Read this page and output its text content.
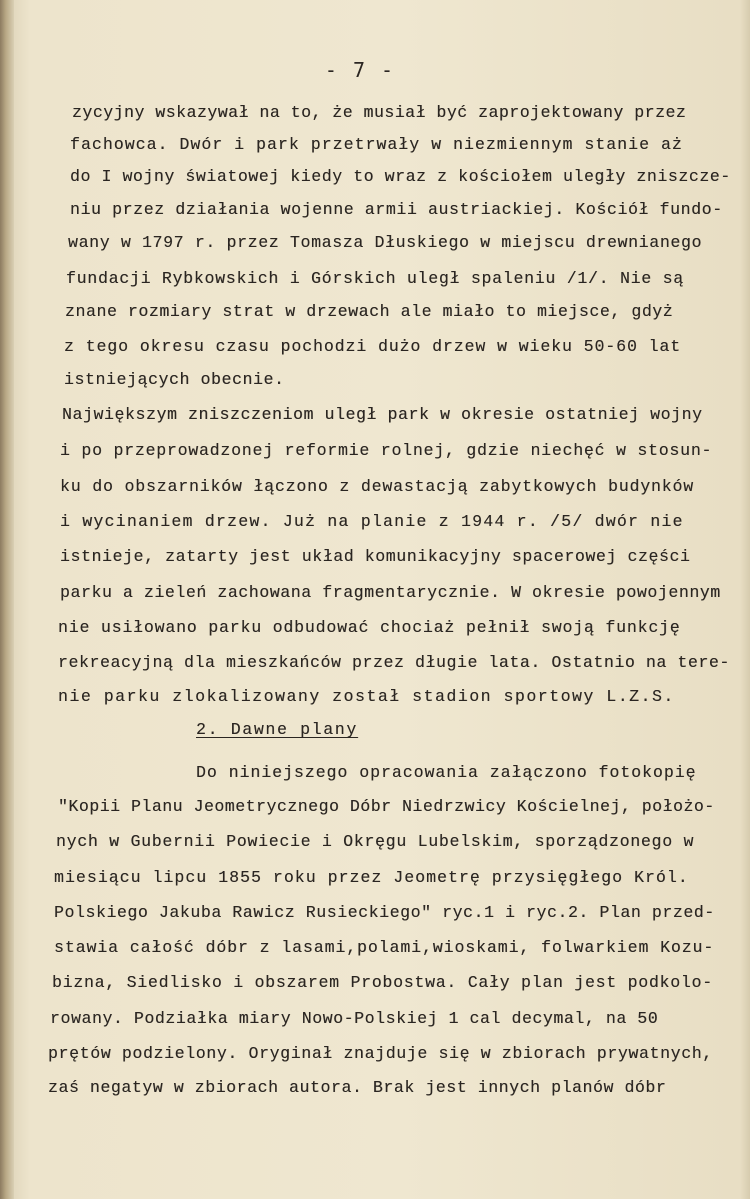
- 7 -
zycyjny wskazywał na to, że musiał być zaprojektowany przez
fachowca. Dwór i park przetrwały w niezmiennym stanie aż
do I wojny światowej kiedy to wraz z kościołem uległy zniszcze-
niu przez działania wojenne armii austriackiej. Kościół fundo-
wany w 1797 r. przez Tomasza Dłuskiego w miejscu drewnianego
fundacji Rybkowskich i Górskich uległ spaleniu /1/. Nie są
znane rozmiary strat w drzewach ale miało to miejsce, gdyż
z tego okresu czasu pochodzi dużo drzew w wieku 50-60 lat
istniejących obecnie.
Największym zniszczeniom uległ park w okresie ostatniej wojny
i po przeprowadzonej reformie rolnej, gdzie niechęć w stosun-
ku do obszarników łączono z dewastacją zabytkowych budynków
i wycinaniem drzew. Już na planie z 1944 r. /5/ dwór nie
istnieje, zatarty jest układ komunikacyjny spacerowej części
parku a zieleń zachowana fragmentarycznie. W okresie powojennym
nie usiłowano parku odbudować chociaż pełnił swoją funkcję
rekreacyjną dla mieszkańców przez długie lata. Ostatnio na tere-
nie parku zlokalizowany został stadion sportowy L.Z.S.
2. Dawne plany
Do niniejszego opracowania załączono fotokopię
"Kopii Planu Jeometrycznego Dóbr Niedrzwicy Kościelnej, położo-
nych w Gubernii Powiecie i Okręgu Lubelskim, sporządzonego w
miesiącu lipcu 1855 roku przez Jeometrę przysięgłego Król.
Polskiego Jakuba Rawicz Rusieckiego" ryc.1 i ryc.2. Plan przed-
stawia całość dóbr z lasami,polami,wioskami, folwarkiem Kozu-
bizna, Siedlisko i obszarem Probostwa. Cały plan jest podkolo-
rowany. Podziałka miary Nowo-Polskiej 1 cal decymal, na 50
prętów podzielony. Oryginał znajduje się w zbiorach prywatnych,
zaś negatyw w zbiorach autora. Brak jest innych planów dóbr
